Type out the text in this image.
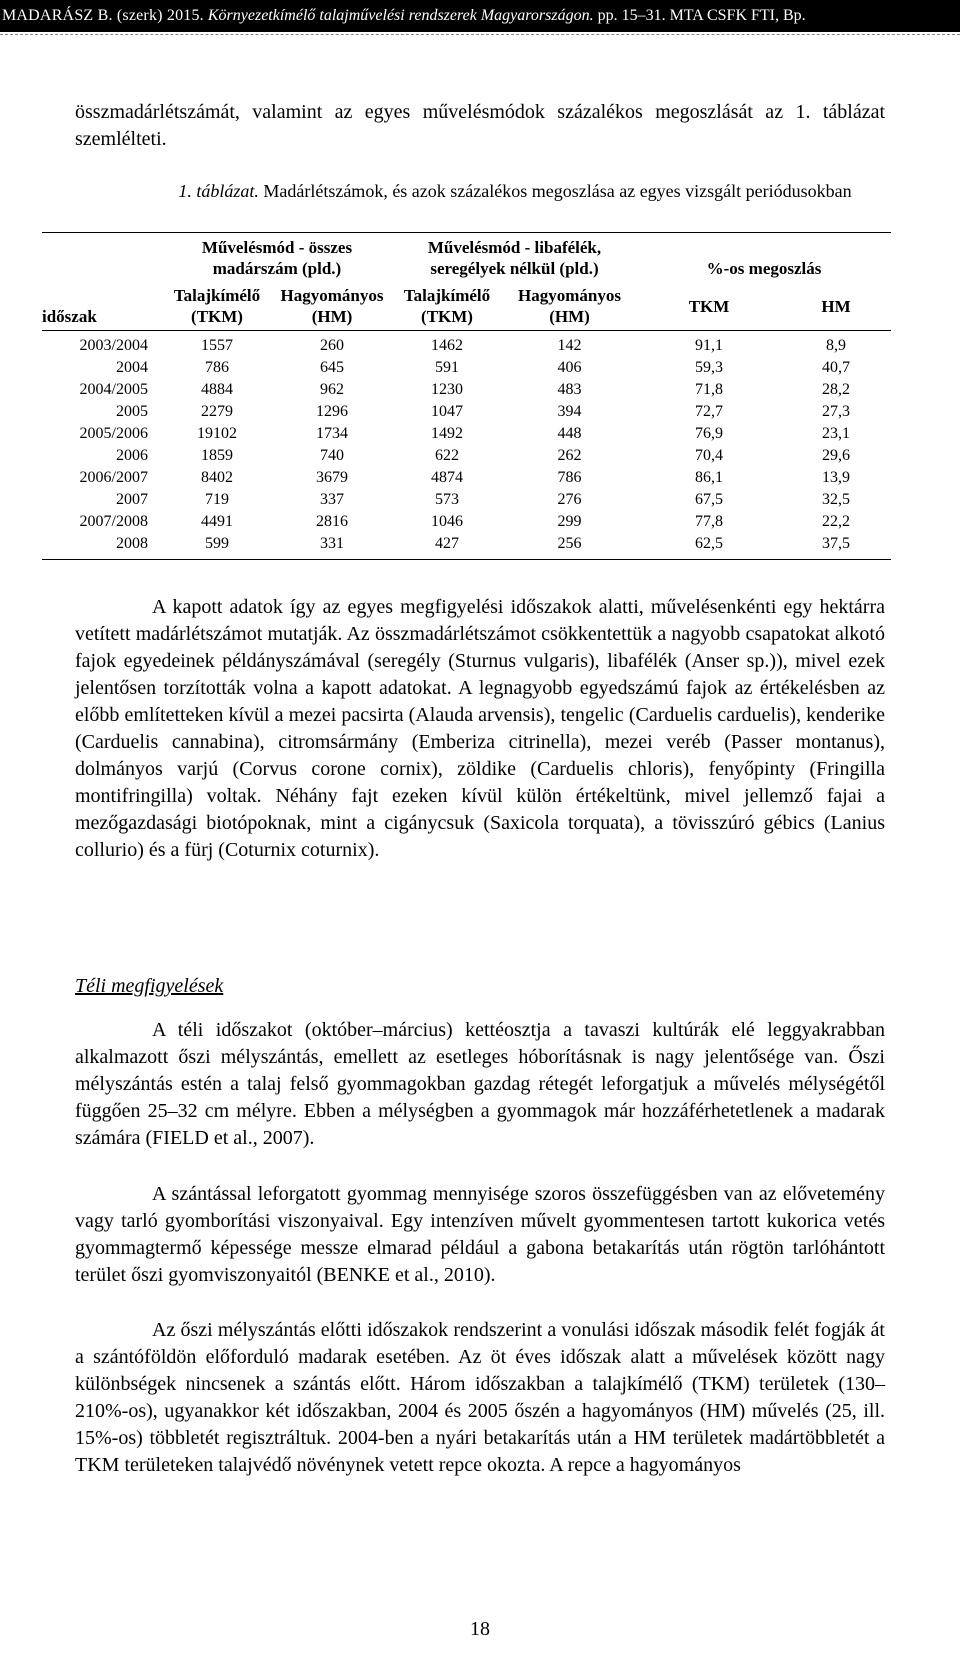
MADARÁSZ B. (szerk) 2015. Környezetkímélő talajművelési rendszerek Magyarországon. pp. 15–31. MTA CSFK FTI, Bp.

összmadárlétszámát, valamint az egyes művelésmódok százalékos megoszlását az 1. táblázat szemlélteti.

1. táblázat. Madárlétszámok, és azok százalékos megoszlása az egyes vizsgált periódusokban

	Művelésmód - összes madárszám (pld.)		Művelésmód - libafélék, seregélyek nélkül (pld.)		%-os megoszlás	
időszak	Talajkímélő (TKM)	Hagyományos (HM)	Talajkímélő (TKM)	Hagyományos (HM)	TKM	HM
2003/2004	1557	260	1462	142	91,1	8,9
2004	786	645	591	406	59,3	40,7
2004/2005	4884	962	1230	483	71,8	28,2
2005	2279	1296	1047	394	72,7	27,3
2005/2006	19102	1734	1492	448	76,9	23,1
2006	1859	740	622	262	70,4	29,6
2006/2007	8402	3679	4874	786	86,1	13,9
2007	719	337	573	276	67,5	32,5
2007/2008	4491	2816	1046	299	77,8	22,2
2008	599	331	427	256	62,5	37,5

A kapott adatok így az egyes megfigyelési időszakok alatti, művelésenkénti egy hektárra vetített madárlétszámot mutatják. Az összmadárlétszámot csökkentettük a nagyobb csapatokat alkotó fajok egyedeinek példányszámával (seregély (Sturnus vulgaris), libafélék (Anser sp.)), mivel ezek jelentősen torzították volna a kapott adatokat. A legnagyobb egyedszámú fajok az értékelésben az előbb említetteken kívül a mezei pacsirta (Alauda arvensis), tengelic (Carduelis carduelis), kenderike (Carduelis cannabina), citromsármány (Emberiza citrinella), mezei veréb (Passer montanus), dolmányos varjú (Corvus corone cornix), zöldike (Carduelis chloris), fenyőpinty (Fringilla montifringilla) voltak. Néhány fajt ezeken kívül külön értékeltünk, mivel jellemző fajai a mezőgazdasági biotópoknak, mint a cigánycsuk (Saxicola torquata), a tövisszúró gébics (Lanius collurio) és a fürj (Coturnix coturnix).

Téli megfigyelések

A téli időszakot (október–március) kettéosztja a tavaszi kultúrák elé leggyakrabban alkalmazott őszi mélyszántás, emellett az esetleges hóborításnak is nagy jelentősége van. Őszi mélyszántás estén a talaj felső gyommagokban gazdag rétegét leforgatjuk a művelés mélységétől függően 25–32 cm mélyre. Ebben a mélységben a gyommagok már hozzáférhetetlenek a madarak számára (FIELD et al., 2007).

A szántással leforgatott gyommag mennyisége szoros összefüggésben van az elővetemény vagy tarló gyomborítási viszonyaival. Egy intenzíven művelt gyommentesen tartott kukorica vetés gyommagtermő képessége messze elmarad például a gabona betakarítás után rögtön tarlóhántott terület őszi gyomviszonyaitól (BENKE et al., 2010).

Az őszi mélyszántás előtti időszakok rendszerint a vonulási időszak második felét fogják át a szántóföldön előforduló madarak esetében. Az öt éves időszak alatt a művelések között nagy különbségek nincsenek a szántás előtt. Három időszakban a talajkímélő (TKM) területek (130–210%-os), ugyanakkor két időszakban, 2004 és 2005 őszén a hagyományos (HM) művelés (25, ill. 15%-os) többletét regisztráltuk. 2004-ben a nyári betakarítás után a HM területek madártöbbletét a TKM területeken talajvédő növénynek vetett repce okozta. A repce a hagyományos

18
